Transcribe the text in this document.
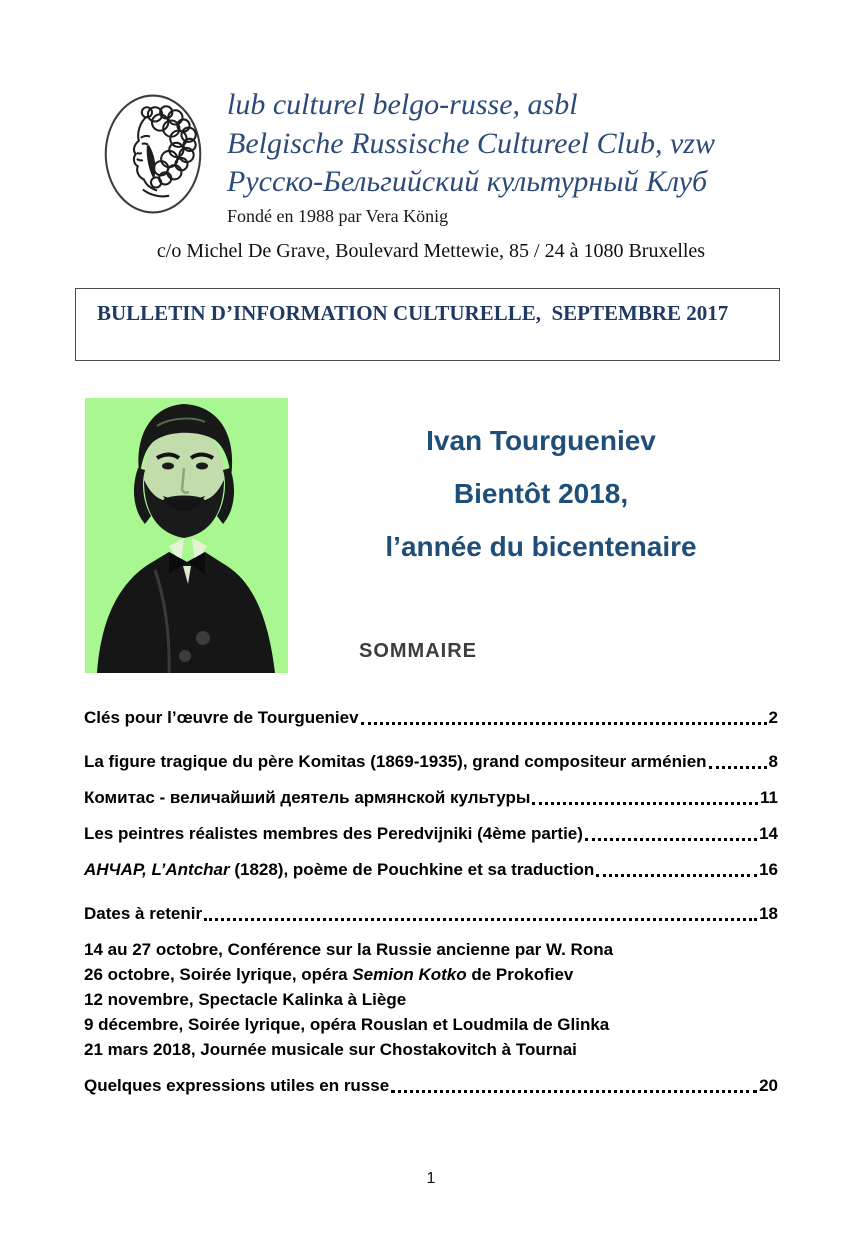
lub culturel belgo-russe, asbl
Belgische Russische Cultureel Club, vzw
Русско-Бельгийский культурный Клуб
Fondé en 1988 par Vera König
c/o Michel De Grave, Boulevard Mettewie, 85 / 24 à 1080 Bruxelles
BULLETIN D’INFORMATION CULTURELLE,  SEPTEMBRE 2017
Ivan Tourgueniev
Bientôt 2018,
l’année du bicentenaire
SOMMAIRE
Clés pour l’œuvre de Tourgueniev	2
La figure tragique du père Komitas (1869-1935), grand compositeur arménien	8
Комитас - величайший деятель армянской культуры	11
Les peintres réalistes membres des Peredvijniki (4ème partie)	14
АНЧАР, L’Antchar (1828), poème de Pouchkine et sa traduction	16
Dates à retenir	18
14 au 27 octobre, Conférence sur la Russie ancienne par W. Rona
26 octobre, Soirée lyrique, opéra Semion Kotko de Prokofiev
12 novembre, Spectacle Kalinka à Liège
9 décembre, Soirée lyrique, opéra Rouslan et Loudmila de Glinka
21 mars 2018, Journée musicale sur Chostakovitch à Tournai
Quelques expressions utiles en russe	20
1
